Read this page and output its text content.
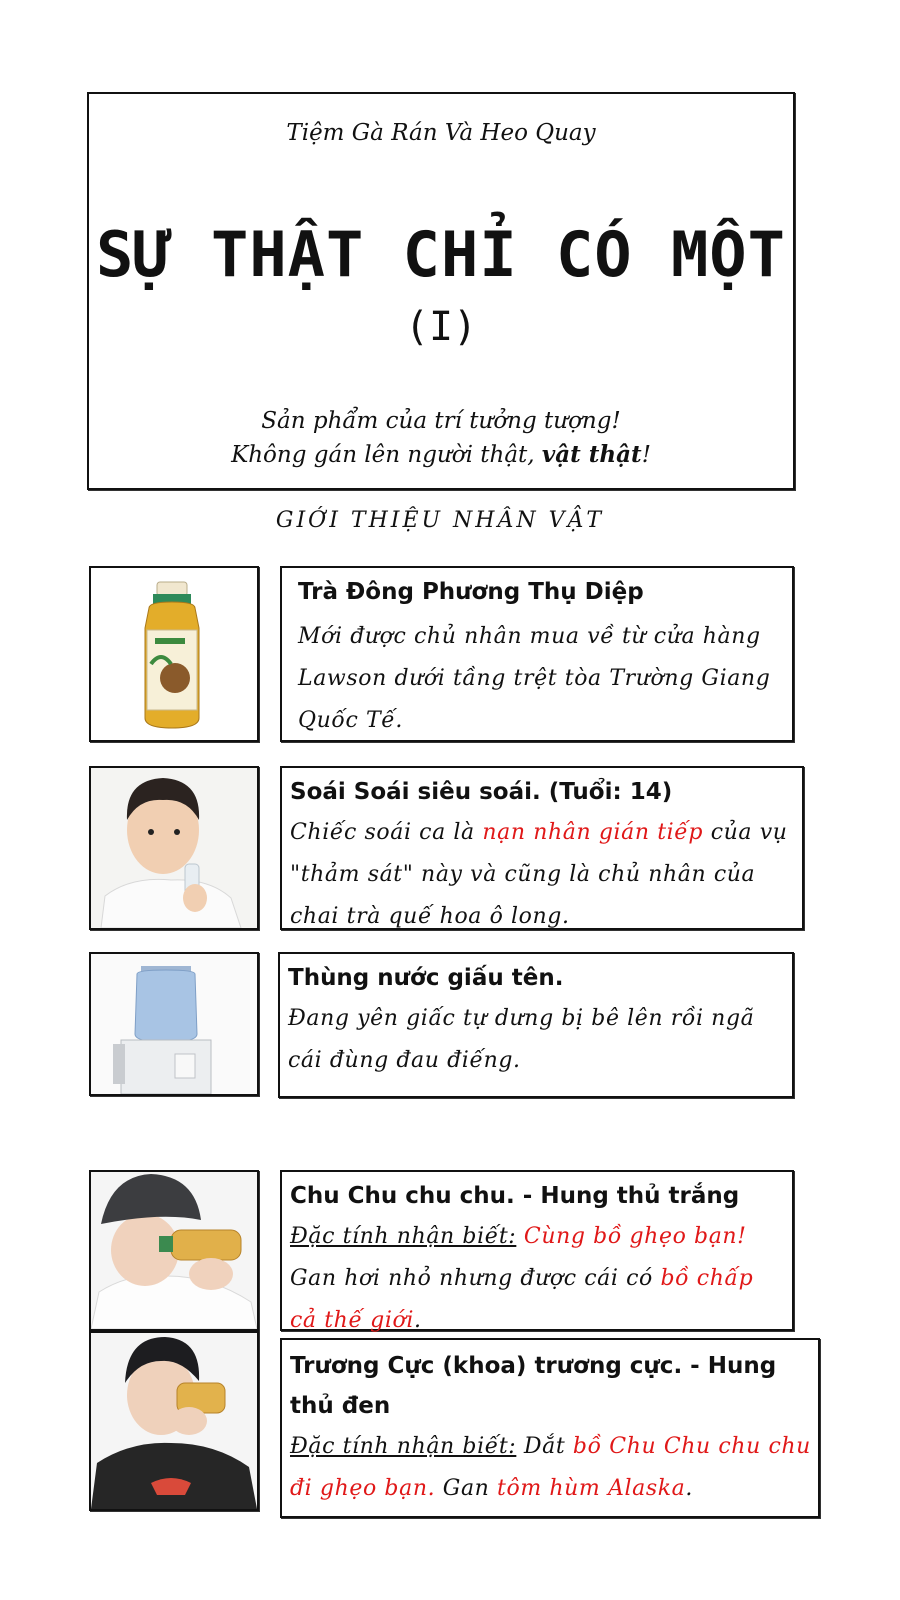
Tiệm Gà Rán Và Heo Quay
SỰ THẬT CHỈ CÓ MỘT
(I)
Sản phẩm của trí tưởng tượng!
Không gán lên người thật, vật thật!
GIỚI THIỆU NHÂN VẬT
Trà Đông Phương Thụ Diệp
Mới được chủ nhân mua về từ cửa hàng Lawson dưới tầng trệt tòa Trường Giang Quốc Tế.
Soái Soái siêu soái. (Tuổi: 14)
Chiếc soái ca là nạn nhân gián tiếp của vụ "thảm sát" này và cũng là chủ nhân của chai trà quế hoa ô long.
Thùng nước giấu tên.
Đang yên giấc tự dưng bị bê lên rồi ngã cái đùng đau điếng.
Chu Chu chu chu. - Hung thủ trắng
Đặc tính nhận biết: Cùng bồ ghẹo bạn! Gan hơi nhỏ nhưng được cái có bồ chấp cả thế giới.
Trương Cực (khoa) trương cực. - Hung thủ đen
Đặc tính nhận biết: Dắt bồ Chu Chu chu chu đi ghẹo bạn. Gan tôm hùm Alaska.
